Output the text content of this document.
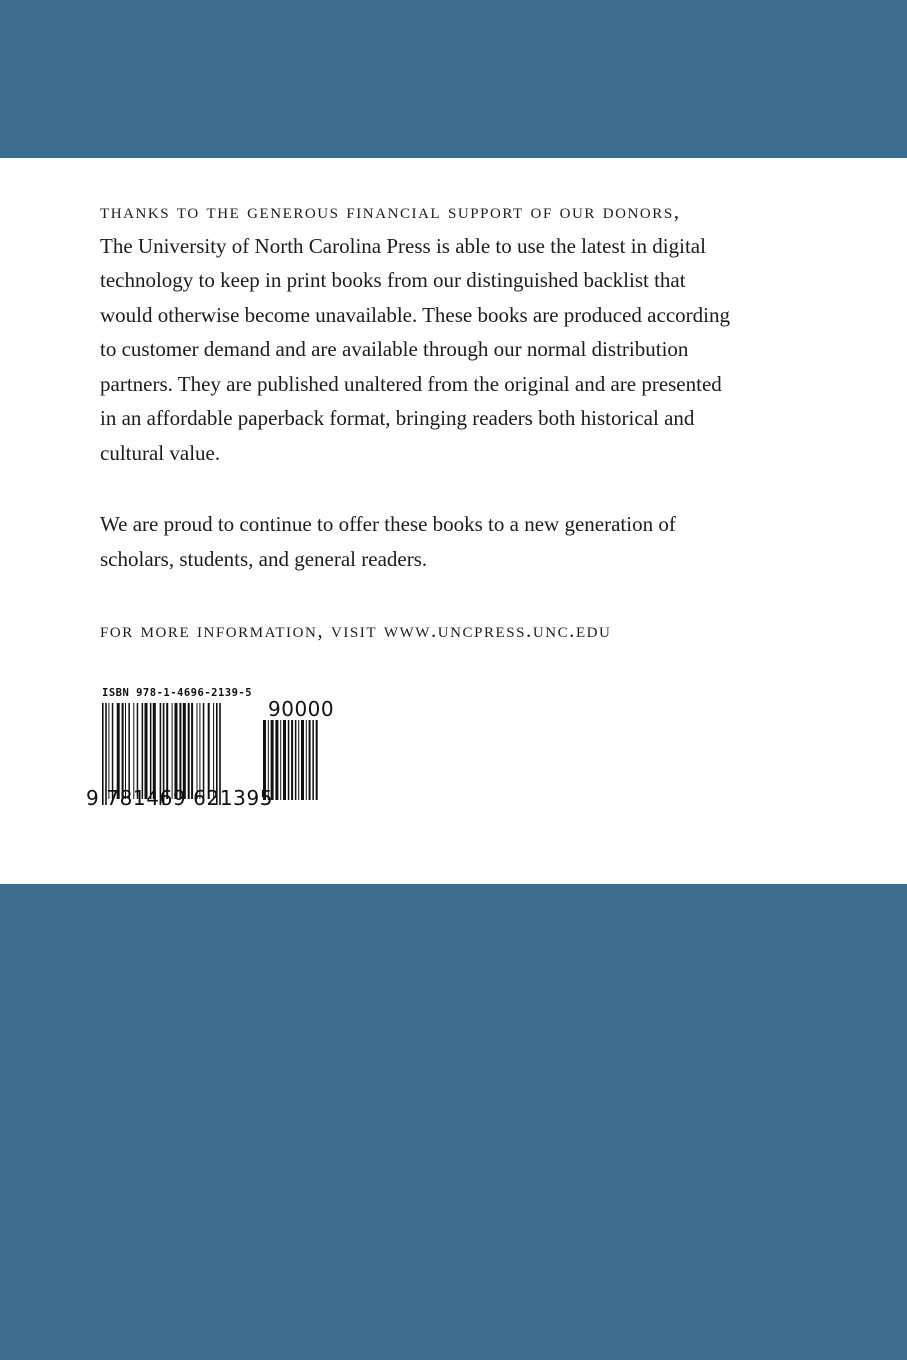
thanks to the generous financial support of our donors,
The University of North Carolina Press is able to use the latest in digital
technology to keep in print books from our distinguished backlist that
would otherwise become unavailable. These books are produced according
to customer demand and are available through our normal distribution
partners. They are published unaltered from the original and are presented
in an affordable paperback format, bringing readers both historical and
cultural value.
We are proud to continue to offer these books to a new generation of
scholars, students, and general readers.
for more information, visit www.uncpress.unc.edu
ISBN 978-1-4696-2139-5
90000
9 781469 621395
